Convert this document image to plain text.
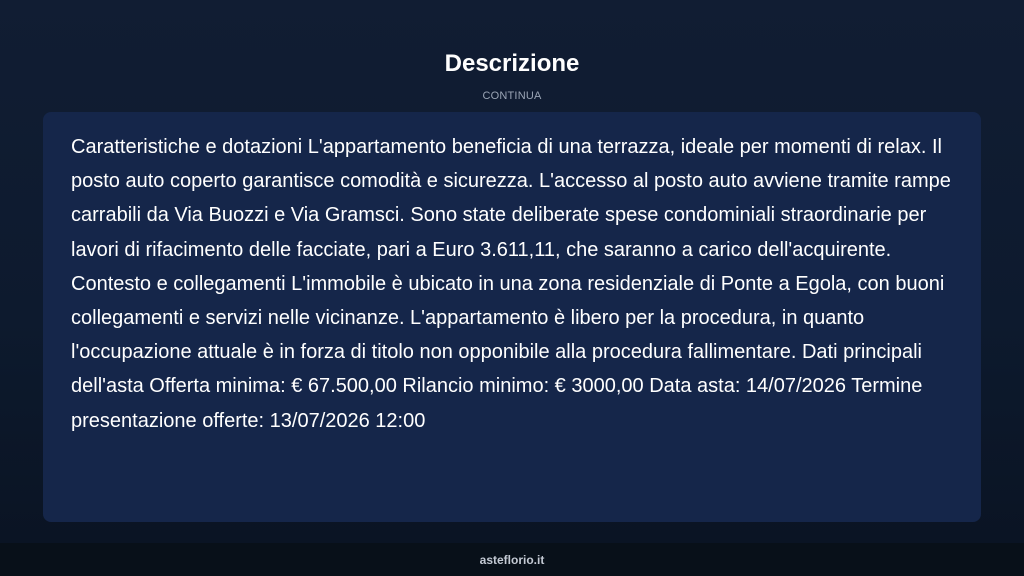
Descrizione
CONTINUA

Caratteristiche e dotazioni L'appartamento beneficia di una terrazza, ideale per momenti di relax. Il posto auto coperto garantisce comodità e sicurezza. L'accesso al posto auto avviene tramite rampe carrabili da Via Buozzi e Via Gramsci. Sono state deliberate spese condominiali straordinarie per lavori di rifacimento delle facciate, pari a Euro 3.611,11, che saranno a carico dell'acquirente. Contesto e collegamenti L'immobile è ubicato in una zona residenziale di Ponte a Egola, con buoni collegamenti e servizi nelle vicinanze. L'appartamento è libero per la procedura, in quanto l'occupazione attuale è in forza di titolo non opponibile alla procedura fallimentare. Dati principali dell'asta Offerta minima: € 67.500,00 Rilancio minimo: € 3000,00 Data asta: 14/07/2026 Termine presentazione offerte: 13/07/2026 12:00

asteflorio.it
